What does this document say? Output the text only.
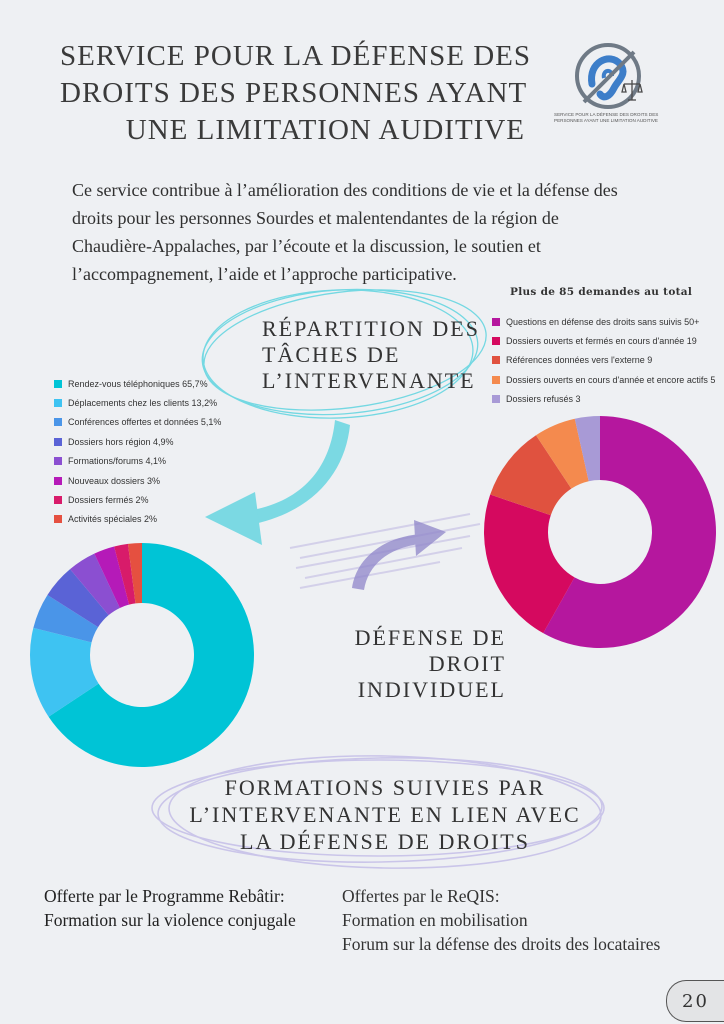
SERVICE POUR LA DÉFENSE DES
DROITS DES PERSONNES AYANT
UNE LIMITATION AUDITIVE	SERVICE POUR LA DÉFENSE DES DROITS DES
PERSONNES AYANT UNE LIMITATION AUDITIVE
Ce service contribue à l’amélioration des conditions de vie et la défense des
droits pour les personnes Sourdes et malentendantes de la région de
Chaudière-Appalaches, par l’écoute et la discussion, le soutien et
l’accompagnement, l’aide et l’approche participative.
RÉPARTITION DES
TÂCHES DE
L’INTERVENANTE
Plus de 85 demandes au total
Questions en défense des droits sans suivis 50+
Dossiers ouverts et fermés en cours d'année 19
Références données vers l'externe 9
Dossiers ouverts en cours d'année et encore actifs 5
Dossiers refusés 3
Rendez-vous téléphoniques 65,7%
Déplacements chez les clients 13,2%
Conférences offertes et données 5,1%
Dossiers hors région 4,9%
Formations/forums 4,1%
Nouveaux dossiers 3%
Dossiers fermés 2%
Activités spéciales 2%
DÉFENSE DE
DROIT
INDIVIDUEL
FORMATIONS SUIVIES PAR
L’INTERVENANTE EN LIEN AVEC
LA DÉFENSE DE DROITS
Offerte par le Programme Rebâtir:
Formation sur la violence conjugale
Offertes par le ReQIS:
Formation en mobilisation
Forum sur la défense des droits des locataires
20
